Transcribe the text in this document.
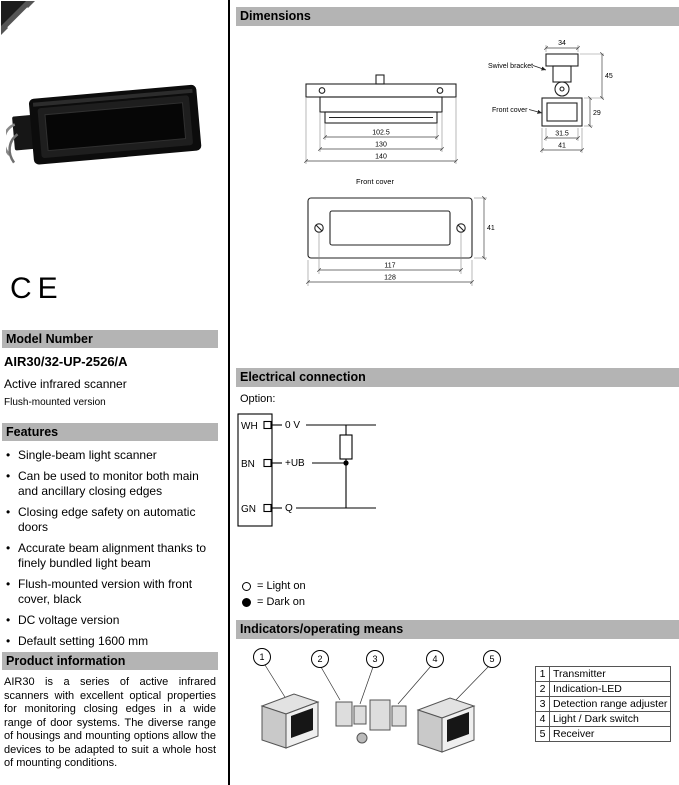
CE
Model Number
AIR30/32-UP-2526/A
Active infrared scanner
Flush-mounted version
Features
• Single-beam light scanner
• Can be used to monitor both main and ancillary closing edges
• Closing edge safety on automatic doors
• Accurate beam alignment thanks to finely bundled light beam
• Flush-mounted version with front cover, black
• DC voltage version
• Default setting 1600 mm
Product information
AIR30 is a series of active infrared scanners with excellent optical properties for monitoring closing edges in a wide range of door systems. The diverse range of housings and mounting options allow the devices to be adapted to suit a whole host of mounting conditions.
Dimensions
102.5
130
140
34
45
29
31.5
41
Swivel bracket
Front cover
Front cover
117
128
41
Electrical connection
Option:
WH
BN
GN
0 V
+UB
Q
= Light on
= Dark on
Indicators/operating means
1	2	3	4	5
1	Transmitter
2	Indication-LED
3	Detection range adjuster
4	Light / Dark switch
5	Receiver
